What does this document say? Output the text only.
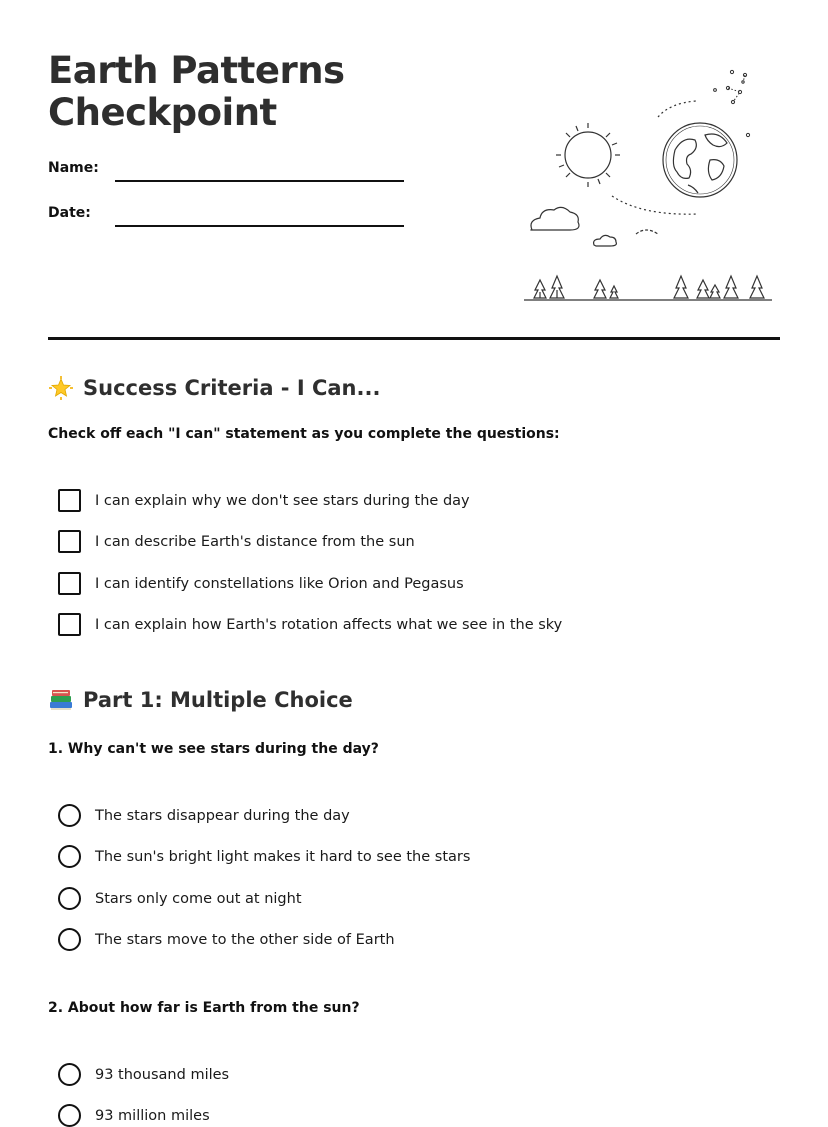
Earth Patterns
Checkpoint
Name:
Date:
Success Criteria - I Can...
Check off each "I can" statement as you complete the questions:
I can explain why we don't see stars during the day
I can describe Earth's distance from the sun
I can identify constellations like Orion and Pegasus
I can explain how Earth's rotation affects what we see in the sky
Part 1: Multiple Choice
1. Why can't we see stars during the day?
The stars disappear during the day
The sun's bright light makes it hard to see the stars
Stars only come out at night
The stars move to the other side of Earth
2. About how far is Earth from the sun?
93 thousand miles
93 million miles
